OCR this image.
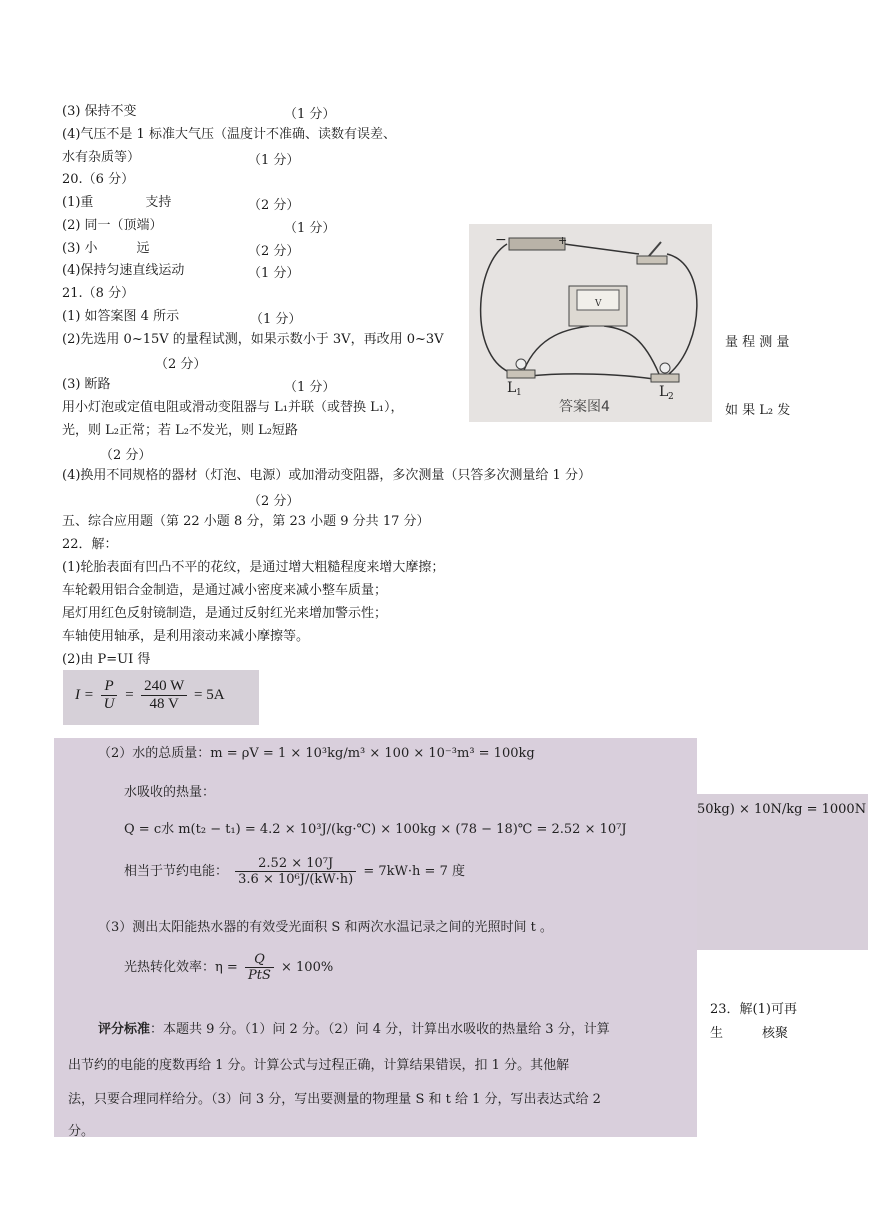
(3) 保持不变	（1 分）
(4)气压不是 1 标准大气压（温度计不准确、读数有误差、
水有杂质等）	（1 分）
20.（6 分）
(1)重　　　　支持	（2 分）
(2) 同一（顶端）	（1 分）
(3) 小　　　远	（2 分）
(4)保持匀速直线运动	（1 分）
21.（8 分）
(1) 如答案图 4 所示	（1 分）
(2)先选用 0~15V 的量程试测，如果示数小于 3V，再改用 0~3V	量 程 测 量
（2 分）
(3) 断路	（1 分）
用小灯泡或定值电阻或滑动变阻器与 L₁并联（或替换 L₁），	如 果 L₂ 发
光，则 L₂正常；若 L₂不发光，则 L₂短路
（2 分）
(4)换用不同规格的器材（灯泡、电源）或加滑动变阻器，多次测量（只答多次测量给 1 分）
（2 分）
五、综合应用题（第 22 小题 8 分，第 23 小题 9 分共 17 分）
22．解：
(1)轮胎表面有凹凸不平的花纹，是通过增大粗糙程度来增大摩擦；
车轮毂用铝合金制造，是通过减小密度来减小整车质量；
尾灯用红色反射镜制造，是通过反射红光来增加警示性；
车轴使用轴承，是利用滚动来减小摩擦等。
(2)由 P=UI 得
−	+
V
L 1	L 2
答案图4
$I = \frac{P}{U} = \frac{240 W}{48 V} = 5A$
（2）水的总质量：m = ρV = 1 × 10³kg/m³ × 100 × 10⁻³m³ = 100kg
水吸收的热量：
Q = c水 m(t₂ − t₁) = 4.2 × 10³J/(kg·℃) × 100kg × (78 − 18)℃ = 2.52 × 10⁷J
相当于节约电能： $\frac{\text{2.52 × 10⁷J}}{\text{3.6 × 10⁶J/(kW·h)}} = 7kW\cdot h = 7$ 度
（3）测出太阳能热水器的有效受光面积 S 和两次水温记录之间的光照时间 t 。
光热转化效率：$\eta = \frac{Q}{\text{PtS}} \times 100\%$
评分标准：本题共 9 分。（1）问 2 分。（2）问 4 分，计算出水吸收的热量给 3 分，计算
出节约的电能的度数再给 1 分。计算公式与过程正确，计算结果错误，扣 1 分。其他解
法，只要合理同样给分。（3）问 3 分，写出要测量的物理量 S 和 t 给 1 分，写出表达式给 2
分。
50kg) × 10N/kg = 1000N
23．解(1)可再
生　　　核聚
